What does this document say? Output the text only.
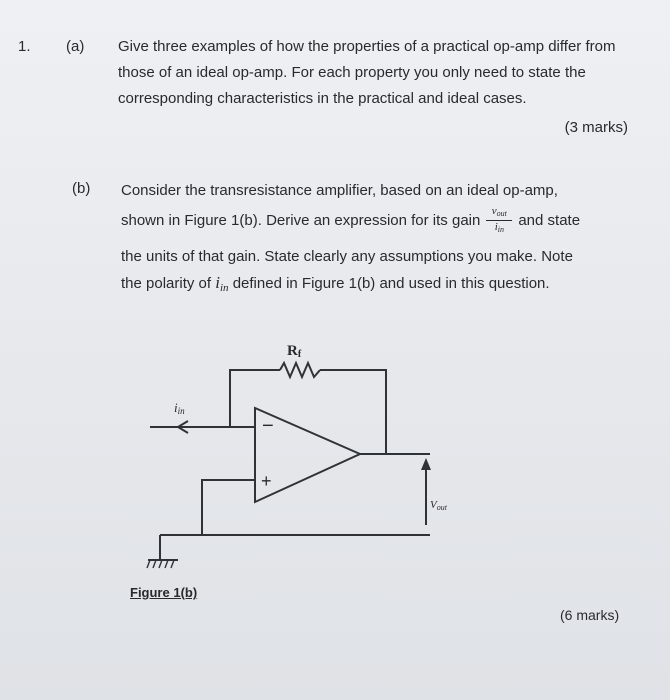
1. (a) Give three examples of how the properties of a practical op-amp differ from those of an ideal op-amp. For each property you only need to state the corresponding characteristics in the practical and ideal cases.
(3 marks)
(b) Consider the transresistance amplifier, based on an ideal op-amp,
shown in Figure 1(b). Derive an expression for its gain $\frac{v_{out}}{i_{in}}$ and state
the units of that gain. State clearly any assumptions you make. Note
the polarity of $i_{in}$ defined in Figure 1(b) and used in this question.
Rf
iin
Vout
−
+
Figure 1(b)
(6 marks)
